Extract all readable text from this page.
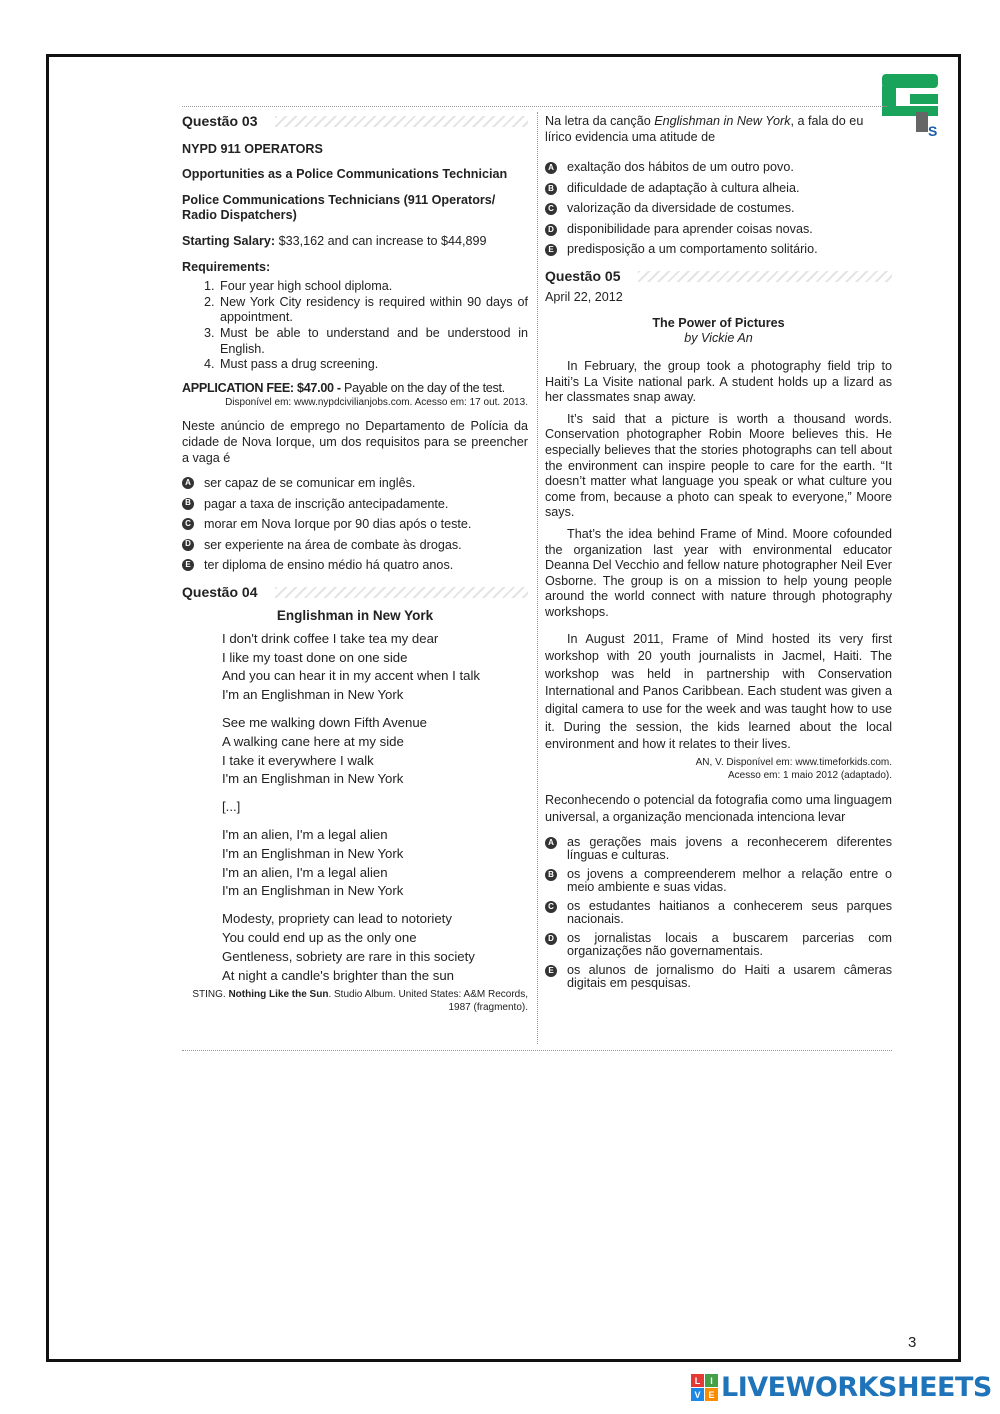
S
Questão 03
NYPD 911 OPERATORS
Opportunities as a Police Communications Technician
Police Communications Technicians (911 Operators/ Radio Dispatchers)
Starting Salary: $33,162 and can increase to $44,899
Requirements:
1. Four year high school diploma.
2. New York City residency is required within 90 days of appointment.
3. Must be able to understand and be understood in English.
4. Must pass a drug screening.
APPLICATION FEE: $47.00 - Payable on the day of the test.
Disponível em: www.nypdcivilianjobs.com. Acesso em: 17 out. 2013.
Neste anúncio de emprego no Departamento de Polícia da cidade de Nova Iorque, um dos requisitos para se preencher a vaga é
A ser capaz de se comunicar em inglês.
B pagar a taxa de inscrição antecipadamente.
C morar em Nova Iorque por 90 dias após o teste.
D ser experiente na área de combate às drogas.
E ter diploma de ensino médio há quatro anos.
Questão 04
Englishman in New York
I don't drink coffee I take tea my dear
I like my toast done on one side
And you can hear it in my accent when I talk
I'm an Englishman in New York
See me walking down Fifth Avenue
A walking cane here at my side
I take it everywhere I walk
I'm an Englishman in New York
[...]
I'm an alien, I'm a legal alien
I'm an Englishman in New York
I'm an alien, I'm a legal alien
I'm an Englishman in New York
Modesty, propriety can lead to notoriety
You could end up as the only one
Gentleness, sobriety are rare in this society
At night a candle's brighter than the sun
STING. Nothing Like the Sun. Studio Album. United States: A&M Records, 1987 (fragmento).
Na letra da canção Englishman in New York, a fala do eu lírico evidencia uma atitude de
A exaltação dos hábitos de um outro povo.
B dificuldade de adaptação à cultura alheia.
C valorização da diversidade de costumes.
D disponibilidade para aprender coisas novas.
E predisposição a um comportamento solitário.
Questão 05
April 22, 2012
The Power of Pictures
by Vickie An
In February, the group took a photography field trip to Haiti’s La Visite national park. A student holds up a lizard as her classmates snap away.
It’s said that a picture is worth a thousand words. Conservation photographer Robin Moore believes this. He especially believes that the stories photographs can tell about the environment can inspire people to care for the earth. “It doesn’t matter what language you speak or what culture you come from, because a photo can speak to everyone,” Moore says.
That’s the idea behind Frame of Mind. Moore cofounded the organization last year with environmental educator Deanna Del Vecchio and fellow nature photographer Neil Ever Osborne. The group is on a mission to help young people around the world connect with nature through photography workshops.
In August 2011, Frame of Mind hosted its very first workshop with 20 youth journalists in Jacmel, Haiti. The workshop was held in partnership with Conservation International and Panos Caribbean. Each student was given a digital camera to use for the week and was taught how to use it. During the session, the kids learned about the local environment and how it relates to their lives.
AN, V. Disponível em: www.timeforkids.com.
Acesso em: 1 maio 2012 (adaptado).
Reconhecendo o potencial da fotografia como uma linguagem universal, a organização mencionada intenciona levar
A as gerações mais jovens a reconhecerem diferentes línguas e culturas.
B os jovens a compreenderem melhor a relação entre o meio ambiente e suas vidas.
C os estudantes haitianos a conhecerem seus parques nacionais.
D os jornalistas locais a buscarem parcerias com organizações não governamentais.
E os alunos de jornalismo do Haiti a usarem câmeras digitais em pesquisas.
3
L	I
V E LIVEWORKSHEETS
